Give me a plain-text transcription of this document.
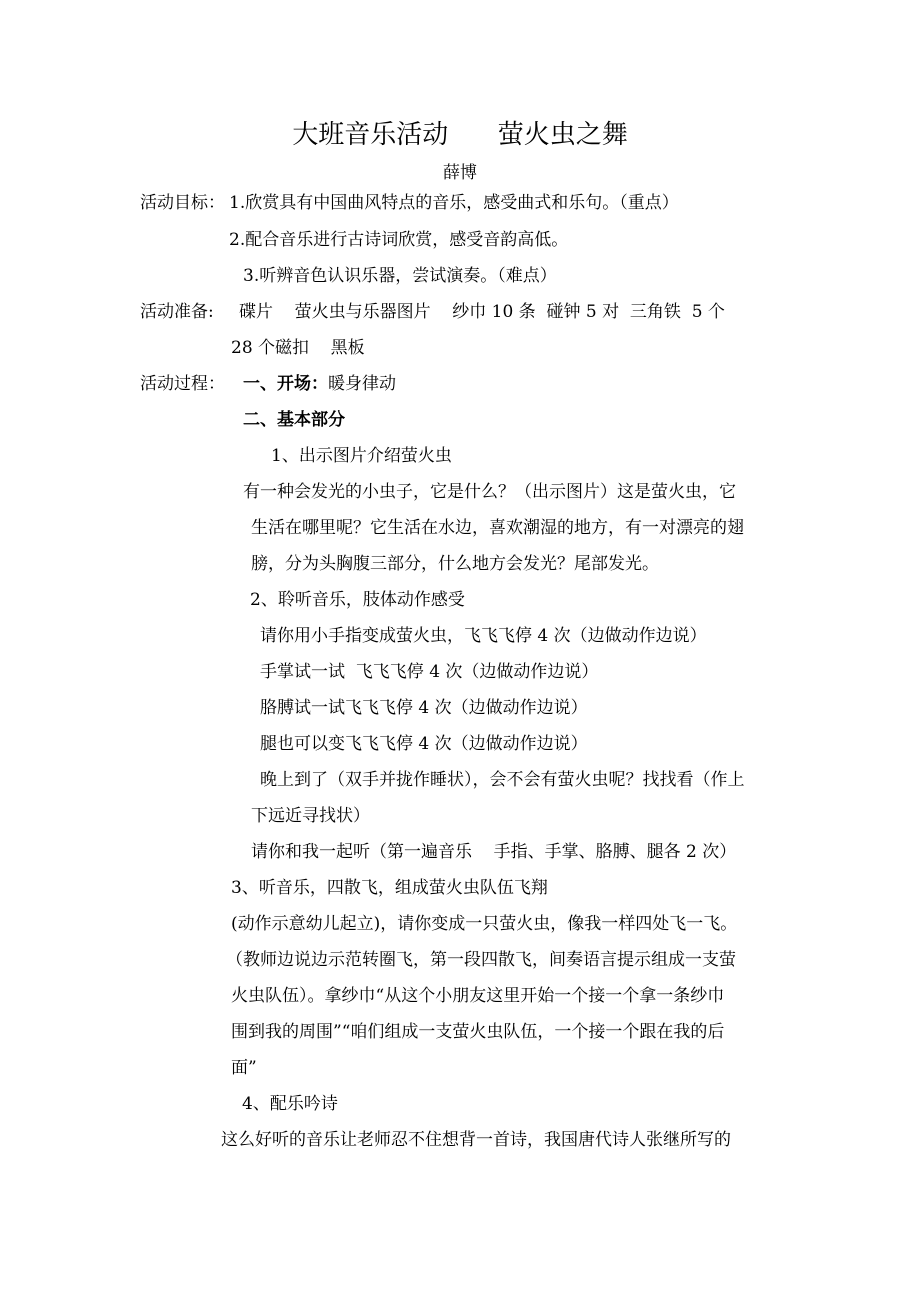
大班音乐活动      萤火虫之舞
薛博
活动目标： 1.欣赏具有中国曲风特点的音乐，感受曲式和乐句。（重点）
2.配合音乐进行古诗词欣赏，感受音韵高低。
3.听辨音色认识乐器，尝试演奏。（难点）
活动准备: 碟片    萤火虫与乐器图片    纱巾 10 条  碰钟 5 对  三角铁  5 个
28 个磁扣    黑板
活动过程： 一、开场：暖身律动
二、基本部分
1、出示图片介绍萤火虫
有一种会发光的小虫子，它是什么？（出示图片）这是萤火虫，它
生活在哪里呢？它生活在水边，喜欢潮湿的地方，有一对漂亮的翅
膀，分为头胸腹三部分，什么地方会发光？尾部发光。
2、聆听音乐，肢体动作感受
请你用小手指变成萤火虫，飞飞飞停 4 次（边做动作边说）
手掌试一试  飞飞飞停 4 次（边做动作边说）
胳膊试一试飞飞飞停 4 次（边做动作边说）
腿也可以变飞飞飞停 4 次（边做动作边说）
晚上到了（双手并拢作睡状），会不会有萤火虫呢？找找看（作上
下远近寻找状）
请你和我一起听（第一遍音乐    手指、手掌、胳膊、腿各 2 次）
3、听音乐，四散飞，组成萤火虫队伍飞翔
(动作示意幼儿起立)，请你变成一只萤火虫，像我一样四处飞一飞。
（教师边说边示范转圈飞，第一段四散飞，间奏语言提示组成一支萤
火虫队伍）。拿纱巾“从这个小朋友这里开始一个接一个拿一条纱巾
围到我的周围”“咱们组成一支萤火虫队伍，一个接一个跟在我的后
面”
4、配乐吟诗
这么好听的音乐让老师忍不住想背一首诗，我国唐代诗人张继所写的
